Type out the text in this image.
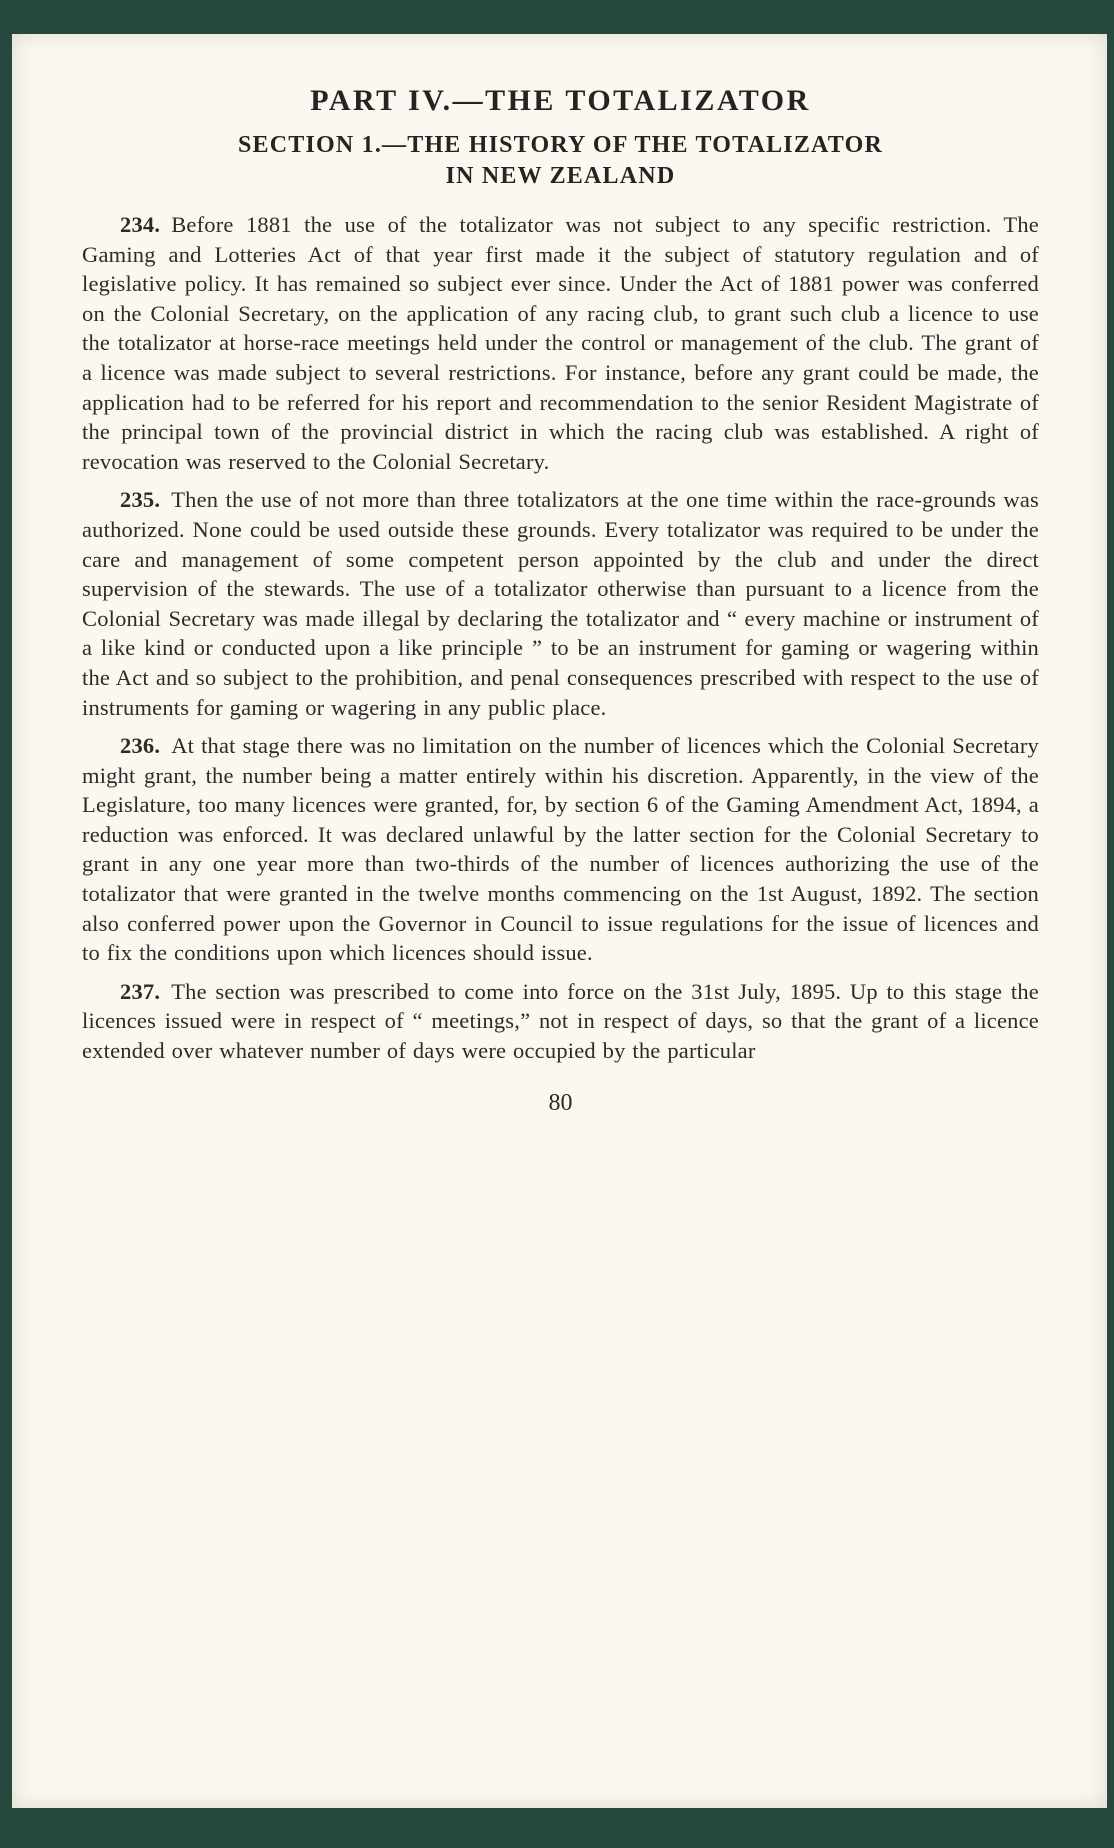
PART IV.—THE TOTALIZATOR
SECTION 1.—THE HISTORY OF THE TOTALIZATOR
IN NEW ZEALAND

234. Before 1881 the use of the totalizator was not subject to any specific restriction. The Gaming and Lotteries Act of that year first made it the subject of statutory regulation and of legislative policy. It has remained so subject ever since. Under the Act of 1881 power was conferred on the Colonial Secretary, on the application of any racing club, to grant such club a licence to use the totalizator at horse-race meetings held under the control or management of the club. The grant of a licence was made subject to several restrictions. For instance, before any grant could be made, the application had to be referred for his report and recommendation to the senior Resident Magistrate of the principal town of the provincial district in which the racing club was established. A right of revocation was reserved to the Colonial Secretary.

235. Then the use of not more than three totalizators at the one time within the race-grounds was authorized. None could be used outside these grounds. Every totalizator was required to be under the care and management of some competent person appointed by the club and under the direct supervision of the stewards. The use of a totalizator otherwise than pursuant to a licence from the Colonial Secretary was made illegal by declaring the totalizator and “ every machine or instrument of a like kind or conducted upon a like principle ” to be an instrument for gaming or wagering within the Act and so subject to the prohibition, and penal consequences prescribed with respect to the use of instruments for gaming or wagering in any public place.

236. At that stage there was no limitation on the number of licences which the Colonial Secretary might grant, the number being a matter entirely within his discretion. Apparently, in the view of the Legislature, too many licences were granted, for, by section 6 of the Gaming Amendment Act, 1894, a reduction was enforced. It was declared unlawful by the latter section for the Colonial Secretary to grant in any one year more than two-thirds of the number of licences authorizing the use of the totalizator that were granted in the twelve months commencing on the 1st August, 1892. The section also conferred power upon the Governor in Council to issue regulations for the issue of licences and to fix the conditions upon which licences should issue.

237. The section was prescribed to come into force on the 31st July, 1895. Up to this stage the licences issued were in respect of “ meetings,” not in respect of days, so that the grant of a licence extended over whatever number of days were occupied by the particular

80
